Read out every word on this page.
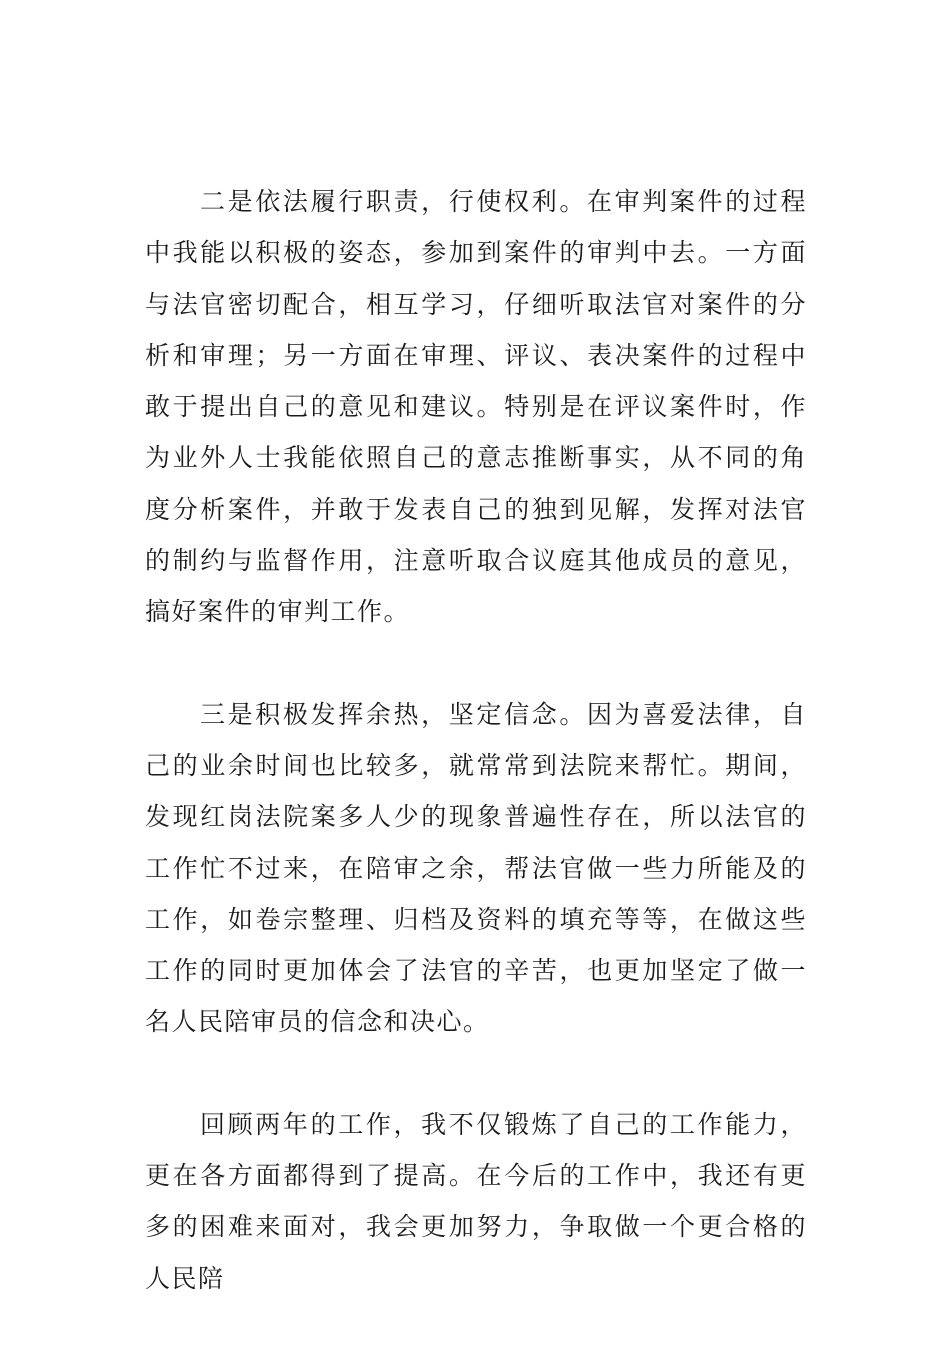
二是依法履行职责，行使权利。在审判案件的过程中我能以积极的姿态，参加到案件的审判中去。一方面与法官密切配合，相互学习，仔细听取法官对案件的分析和审理；另一方面在审理、评议、表决案件的过程中敢于提出自己的意见和建议。特别是在评议案件时，作为业外人士我能依照自己的意志推断事实，从不同的角度分析案件，并敢于发表自己的独到见解，发挥对法官的制约与监督作用，注意听取合议庭其他成员的意见，搞好案件的审判工作。

三是积极发挥余热，坚定信念。因为喜爱法律，自己的业余时间也比较多，就常常到法院来帮忙。期间，发现红岗法院案多人少的现象普遍性存在，所以法官的工作忙不过来，在陪审之余，帮法官做一些力所能及的工作，如卷宗整理、归档及资料的填充等等，在做这些工作的同时更加体会了法官的辛苦，也更加坚定了做一名人民陪审员的信念和决心。

回顾两年的工作，我不仅锻炼了自己的工作能力，更在各方面都得到了提高。在今后的工作中，我还有更多的困难来面对，我会更加努力，争取做一个更合格的人民陪
